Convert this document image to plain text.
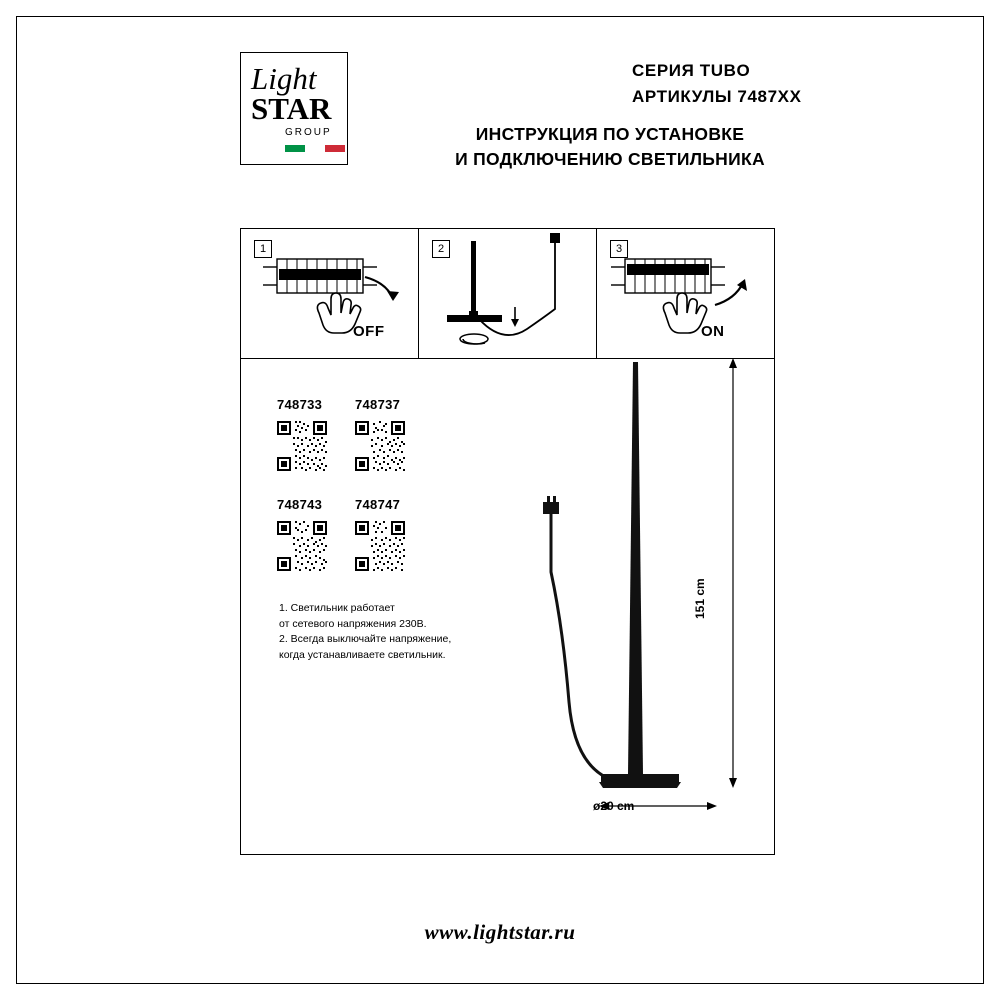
Light
STAR
GROUP
СЕРИЯ TUBO
АРТИКУЛЫ 7487ХХ
ИНСТРУКЦИЯ ПО УСТАНОВКЕ
И ПОДКЛЮЧЕНИЮ СВЕТИЛЬНИКА
1
OFF
2	3
ON
748733	748737
748743	748747
1. Светильник работает
от сетевого напряжения 230В.
2. Всегда выключайте напряжение,
когда устанавливаете светильник.
151 cm
ø20 cm
www.lightstar.ru
